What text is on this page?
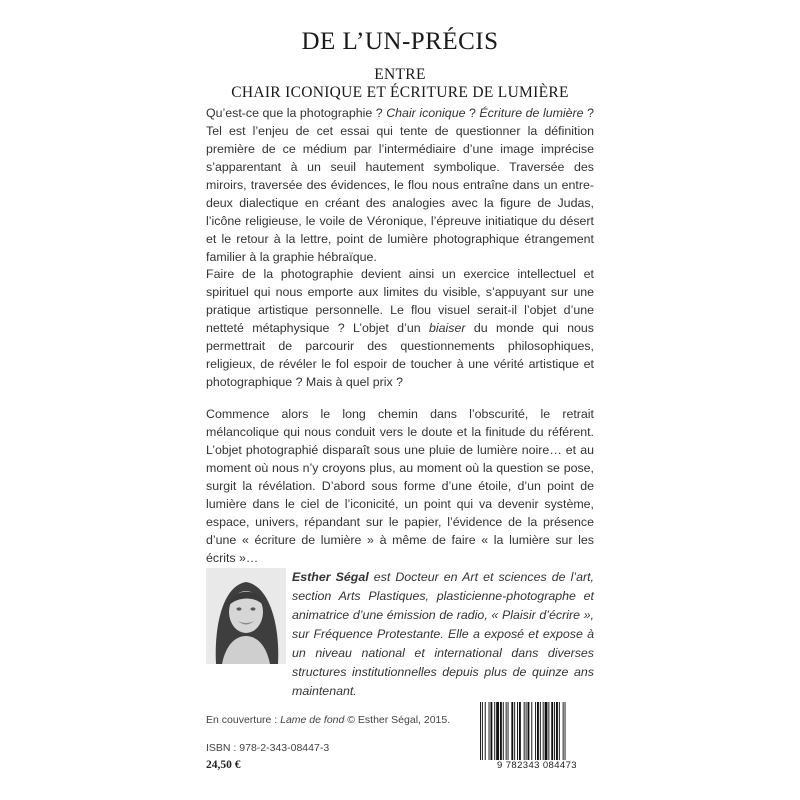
DE L’UN-PRÉCIS
ENTRE
CHAIR ICONIQUE ET ÉCRITURE DE LUMIÈRE
Qu’est-ce que la photographie ? Chair iconique ? Écriture de lumière ? Tel est l’enjeu de cet essai qui tente de questionner la définition première de ce médium par l’intermédiaire d’une image imprécise s’apparentant à un seuil hautement symbolique. Traversée des miroirs, traversée des évidences, le flou nous entraîne dans un entre-deux dialectique en créant des analogies avec la figure de Judas, l’icône religieuse, le voile de Véronique, l’épreuve initiatique du désert et le retour à la lettre, point de lumière photographique étrangement familier à la graphie hébraïque.
Faire de la photographie devient ainsi un exercice intellectuel et spirituel qui nous emporte aux limites du visible, s’appuyant sur une pratique artistique personnelle. Le flou visuel serait-il l’objet d’une netteté métaphysique ? L’objet d’un biaiser du monde qui nous permettrait de parcourir des questionnements philosophiques, religieux, de révéler le fol espoir de toucher à une vérité artistique et photographique ? Mais à quel prix ?
Commence alors le long chemin dans l’obscurité, le retrait mélancolique qui nous conduit vers le doute et la finitude du référent. L’objet photographié disparaît sous une pluie de lumière noire… et au moment où nous n’y croyons plus, au moment où la question se pose, surgit la révélation. D’abord sous forme d’une étoile, d’un point de lumière dans le ciel de l’iconicité, un point qui va devenir système, espace, univers, répandant sur le papier, l’évidence de la présence d’une « écriture de lumière » à même de faire « la lumière sur les écrits »…
Esther Ségal est Docteur en Art et sciences de l’art, section Arts Plastiques, plasticienne-photographe et animatrice d’une émission de radio, « Plaisir d’écrire », sur Fréquence Protestante. Elle a exposé et expose à un niveau national et international dans diverses structures institutionnelles depuis plus de quinze ans maintenant.
En couverture : Lame de fond © Esther Ségal, 2015.
ISBN : 978-2-343-08447-3
24,50 €	9 782343 084473
